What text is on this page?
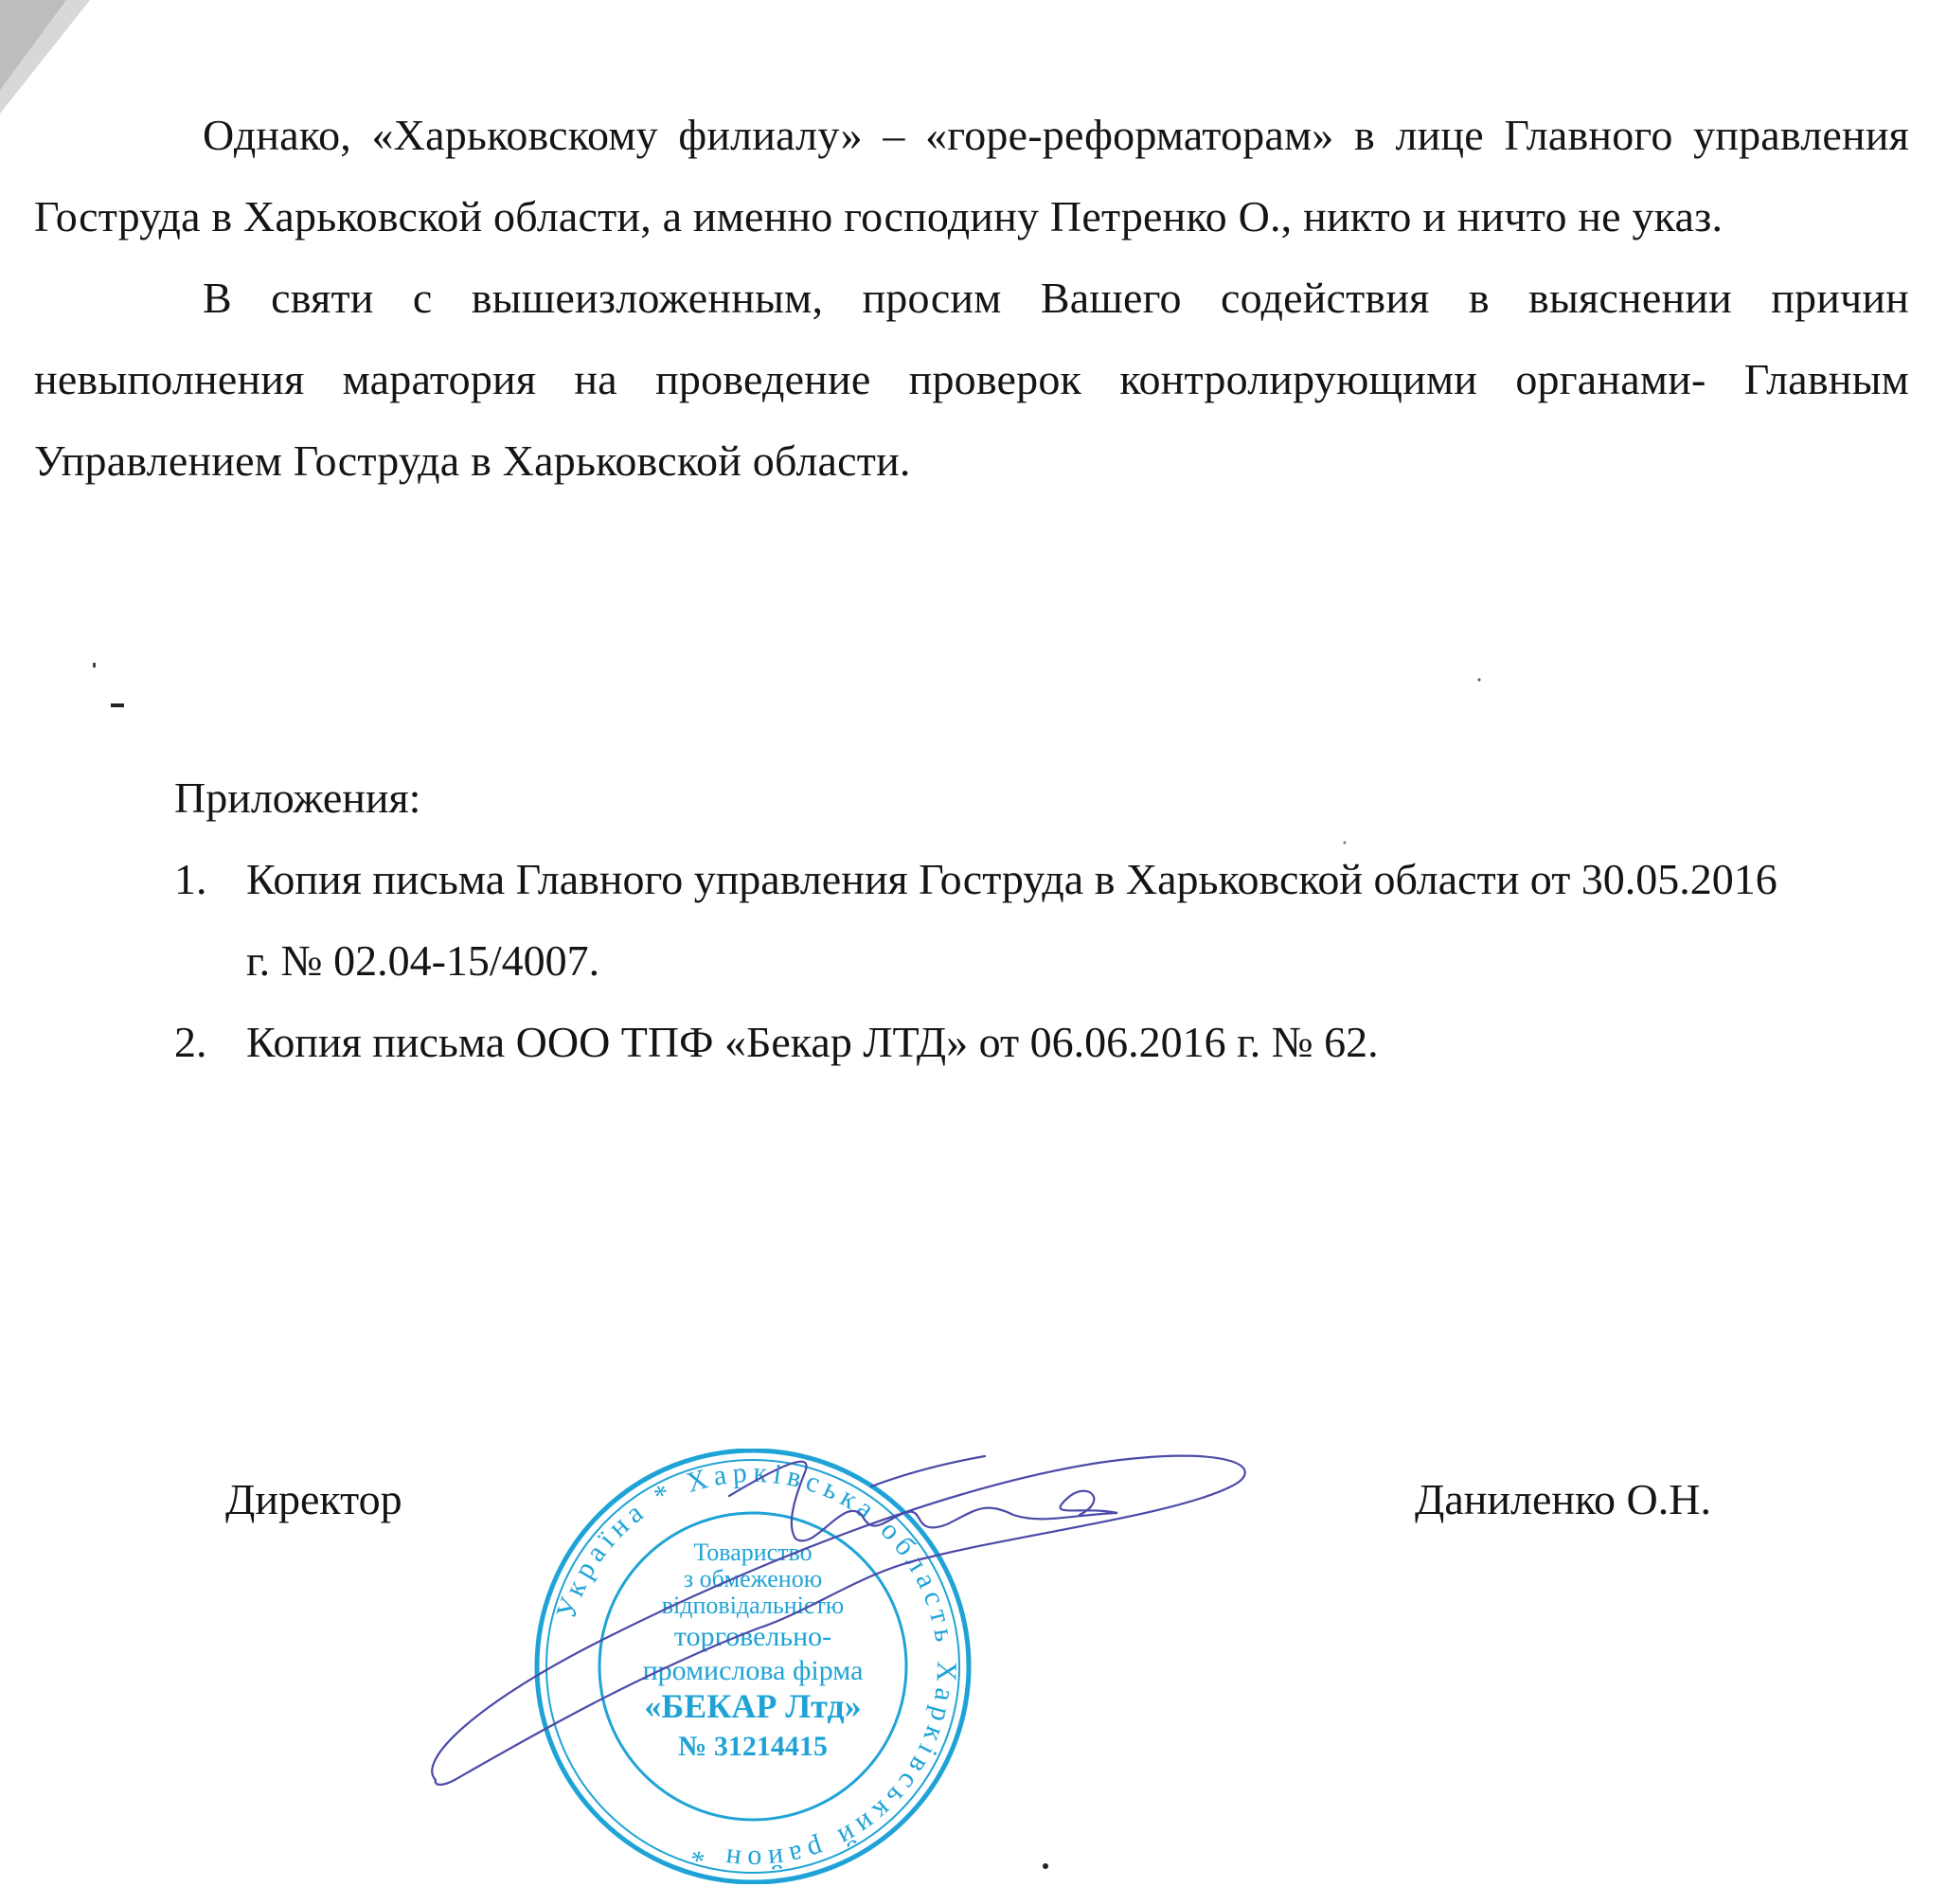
Однако, «Харьковскому филиалу» – «горе-реформаторам» в лице Главного управления Гоструда в Харьковской области, а именно господину Петренко О., никто и ничто не указ.

В святи с вышеизложенным, просим Вашего содействия в выяснении причин невыполнения маратория на проведение проверок контролирующими органами- Главным Управлением Гоструда в Харьковской области.

Приложения:

1. Копия письма Главного управления Гоструда в Харьковской области от 30.05.2016 г. № 02.04-15/4007.
2. Копия письма ООО ТПФ «Бекар ЛТД» от 06.06.2016 г. № 62.
Директор
Україна * Харківська область Харківський район *
Товариство
з обмеженою
відповідальністю
торговельно-
промислова фірма
«БЕКАР Лтд»
№ 31214415
Даниленко О.Н.
